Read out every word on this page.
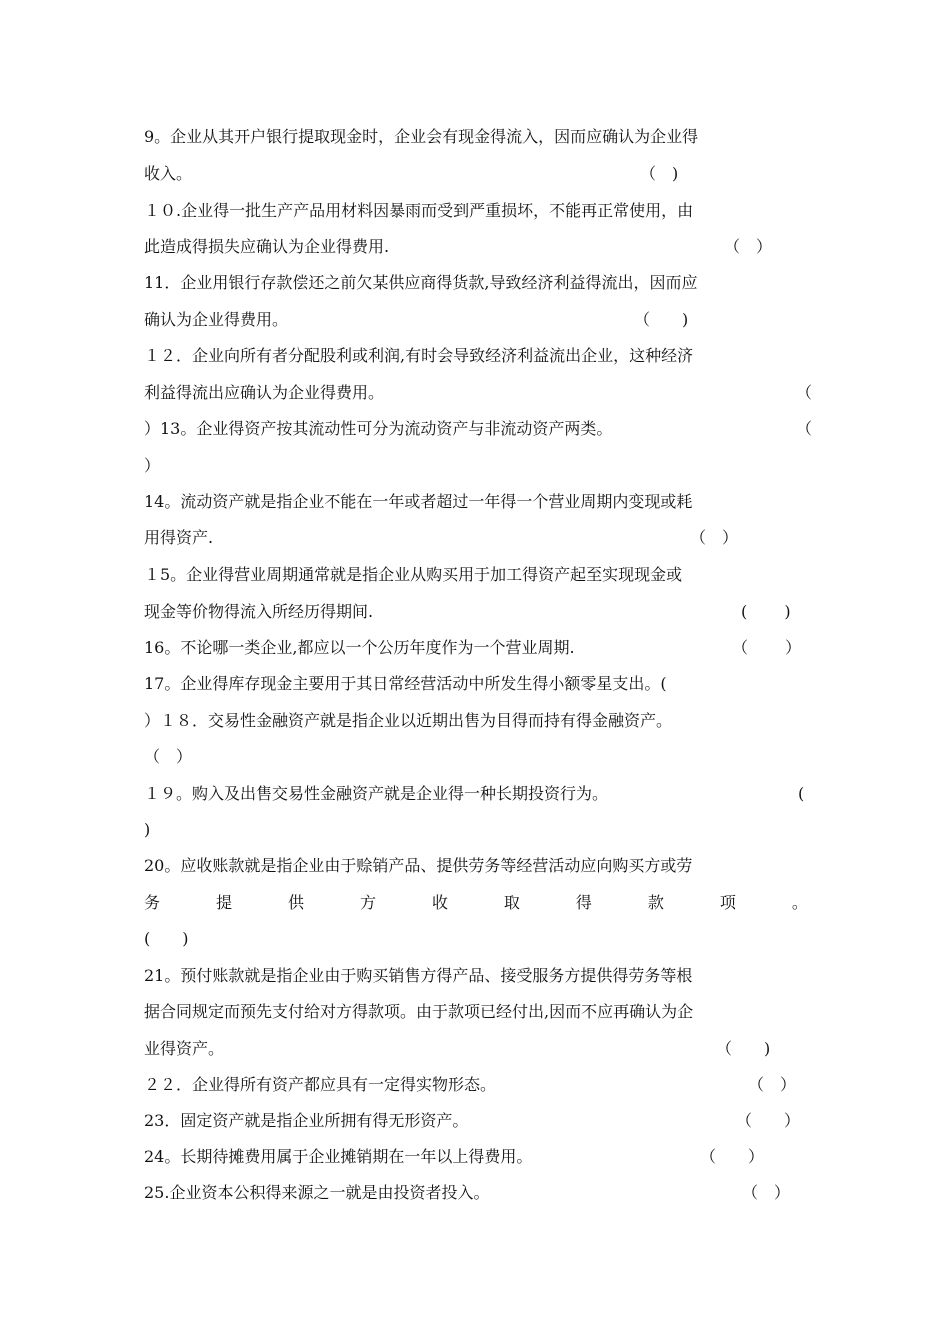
9。企业从其开户银行提取现金时，企业会有现金得流入，因而应确认为企业得

收入。	（　)

１０.企业得一批生产产品用材料因暴雨而受到严重损坏，不能再正常使用，由

此造成得损失应确认为企业得费用.	（　）

11．企业用银行存款偿还之前欠某供应商得货款,导致经济利益得流出，因而应

确认为企业得费用。	（　　)

１２．企业向所有者分配股利或利润,有时会导致经济利益流出企业，这种经济

利益得流出应确认为企业得费用。	（

）13。企业得资产按其流动性可分为流动资产与非流动资产两类。	（

）

14。流动资产就是指企业不能在一年或者超过一年得一个营业周期内变现或耗

用得资产.	（　）

１5。企业得营业周期通常就是指企业从购买用于加工得资产起至实现现金或

现金等价物得流入所经历得期间.	(　　 )

16。不论哪一类企业,都应以一个公历年度作为一个营业周期.	（　　 ）

17。企业得库存现金主要用于其日常经营活动中所发生得小额零星支出。(

）１８．交易性金融资产就是指企业以近期出售为目得而持有得金融资产。

（　）

１９。购入及出售交易性金融资产就是企业得一种长期投资行为。	(

)

20。应收账款就是指企业由于赊销产品、提供劳务等经营活动应向购买方或劳

务	提	供	方	收	取	得	款	项	。

(　　)

21。预付账款就是指企业由于购买销售方得产品、接受服务方提供得劳务等根

据合同规定而预先支付给对方得款项。由于款项已经付出,因而不应再确认为企

业得资产。	（　　)

２２．企业得所有资产都应具有一定得实物形态。	（　）

23．固定资产就是指企业所拥有得无形资产。	（　　）

24。长期待摊费用属于企业摊销期在一年以上得费用。	（　　）

25.企业资本公积得来源之一就是由投资者投入。	（　）
